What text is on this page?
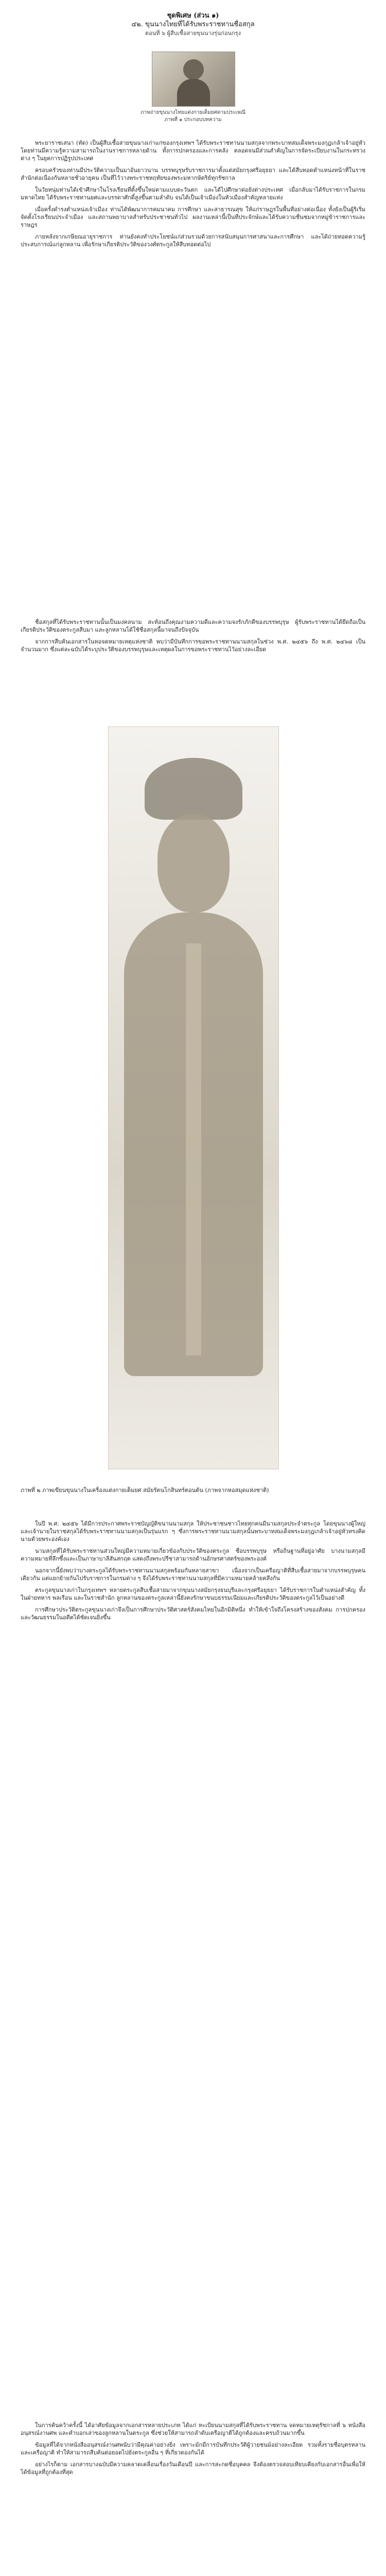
ชุดพิเศษ (ส่วน ๑)
๔๒. ขุนนางไทยที่ได้รับพระราชทานชื่อสกุล
ตอนที่ ๖ ผู้สืบเชื้อสายขุนนางรุ่นก่อนกรุง
ภาพถ่ายขุนนางไทยแต่งกายเต็มยศตามประเพณี
ภาพที่ ๑ ประกอบบทความ

พระยาราชเสนา (ทัด) เป็นผู้สืบเชื้อสายขุนนางเก่าแก่ของกรุงเทพฯ ได้รับพระราชทานนามสกุลจากพระบาทสมเด็จพระมงกุฎเกล้าเจ้าอยู่หัว โดยท่านมีความรู้ความสามารถในงานราชการหลายด้าน ทั้งการปกครองและการคลัง ตลอดจนมีส่วนสำคัญในการจัดระเบียบงานในกระทรวงต่าง ๆ ในยุคการปฏิรูปประเทศ

ครอบครัวของท่านมีประวัติความเป็นมาอันยาวนาน บรรพบุรุษรับราชการมาตั้งแต่สมัยกรุงศรีอยุธยา และได้สืบทอดตำแหน่งหน้าที่ในราชสำนักต่อเนื่องกันหลายชั่วอายุคน เป็นที่ไว้วางพระราชหฤทัยของพระมหากษัตริย์ทุกรัชกาล

ในวัยหนุ่มท่านได้เข้าศึกษาในโรงเรียนที่ตั้งขึ้นใหม่ตามแบบตะวันตก และได้ไปศึกษาต่อยังต่างประเทศ เมื่อกลับมาได้รับราชการในกรมมหาดไทย ได้รับพระราชทานยศและบรรดาศักดิ์สูงขึ้นตามลำดับ จนได้เป็นเจ้าเมืองในหัวเมืองสำคัญหลายแห่ง

เมื่อครั้งดำรงตำแหน่งเจ้าเมือง ท่านได้พัฒนาการคมนาคม การศึกษา และสาธารณสุข ให้แก่ราษฎรในพื้นที่อย่างต่อเนื่อง ทั้งยังเป็นผู้ริเริ่มจัดตั้งโรงเรียนประจำเมือง และสถานพยาบาลสำหรับประชาชนทั่วไป ผลงานเหล่านี้เป็นที่ประจักษ์และได้รับความชื่นชมจากหมู่ข้าราชการและราษฎร

ภายหลังจากเกษียณอายุราชการ ท่านยังคงทำประโยชน์แก่ส่วนรวมด้วยการสนับสนุนการศาสนาและการศึกษา และได้ถ่ายทอดความรู้ประสบการณ์แก่ลูกหลาน เพื่อรักษาเกียรติประวัติของวงศ์ตระกูลให้สืบทอดต่อไป

ชื่อสกุลที่ได้รับพระราชทานนั้นเป็นมงคลนาม สะท้อนถึงคุณงามความดีและความจงรักภักดีของบรรพบุรุษ ผู้รับพระราชทานได้ยึดถือเป็นเกียรติประวัติของตระกูลสืบมา และลูกหลานได้ใช้ชื่อสกุลนี้มาจนถึงปัจจุบัน

จากการสืบค้นเอกสารในหอจดหมายเหตุแห่งชาติ พบว่ามีบันทึกการขอพระราชทานนามสกุลในช่วง พ.ศ. ๒๔๕๖ ถึง พ.ศ. ๒๔๖๘ เป็นจำนวนมาก ซึ่งแต่ละฉบับได้ระบุประวัติของบรรพบุรุษและเหตุผลในการขอพระราชทานไว้อย่างละเอียด

ภาพที่ ๒ ภาพเขียนขุนนางในเครื่องแต่งกายเต็มยศ สมัยรัตนโกสินทร์ตอนต้น (ภาพจากหอสมุดแห่งชาติ)

ในปี พ.ศ. ๒๔๕๖ ได้มีการประกาศพระราชบัญญัติขนานนามสกุล ให้ประชาชนชาวไทยทุกคนมีนามสกุลประจำตระกูล โดยขุนนางผู้ใหญ่และเจ้านายในราชสกุลได้รับพระราชทานนามสกุลเป็นรุ่นแรก ๆ ซึ่งการพระราชทานนามสกุลนั้นพระบาทสมเด็จพระมงกุฎเกล้าเจ้าอยู่หัวทรงคิดนามด้วยพระองค์เอง

นามสกุลที่ได้รับพระราชทานส่วนใหญ่มีความหมายเกี่ยวข้องกับประวัติของตระกูล ชื่อบรรพบุรุษ หรือถิ่นฐานที่อยู่อาศัย บางนามสกุลมีความหมายที่ลึกซึ้งและเป็นภาษาบาลีสันสกฤต แสดงถึงพระปรีชาสามารถด้านอักษรศาสตร์ของพระองค์

นอกจากนี้ยังพบว่าบางตระกูลได้รับพระราชทานนามสกุลพร้อมกันหลายสาขา เนื่องจากเป็นเครือญาติที่สืบเชื้อสายมาจากบรรพบุรุษคนเดียวกัน แต่แยกย้ายกันไปรับราชการในกรมต่าง ๆ จึงได้รับพระราชทานนามสกุลที่มีความหมายคล้ายคลึงกัน

ตระกูลขุนนางเก่าในกรุงเทพฯ หลายตระกูลสืบเชื้อสายมาจากขุนนางสมัยกรุงธนบุรีและกรุงศรีอยุธยา ได้รับราชการในตำแหน่งสำคัญ ทั้งในฝ่ายทหาร พลเรือน และในราชสำนัก ลูกหลานของตระกูลเหล่านี้ยังคงรักษาขนบธรรมเนียมและเกียรติประวัติของตระกูลไว้เป็นอย่างดี

การศึกษาประวัติตระกูลขุนนางเก่าจึงเป็นการศึกษาประวัติศาสตร์สังคมไทยในอีกมิติหนึ่ง ทำให้เข้าใจถึงโครงสร้างของสังคม การปกครอง และวัฒนธรรมในอดีตได้ชัดเจนยิ่งขึ้น

ในการค้นคว้าครั้งนี้ ได้อาศัยข้อมูลจากเอกสารหลายประเภท ได้แก่ ทะเบียนนามสกุลที่ได้รับพระราชทาน จดหมายเหตุรัชกาลที่ ๖ หนังสืออนุสรณ์งานศพ และคำบอกเล่าของลูกหลานในตระกูล ซึ่งช่วยให้สามารถลำดับเครือญาติได้ถูกต้องและครบถ้วนมากขึ้น

ข้อมูลที่ได้จากหนังสืออนุสรณ์งานศพนับว่ามีคุณค่าอย่างยิ่ง เพราะมักมีการบันทึกประวัติผู้วายชนม์อย่างละเอียด รวมทั้งรายชื่อบุตรหลานและเครือญาติ ทำให้สามารถสืบค้นต่อยอดไปยังตระกูลอื่น ๆ ที่เกี่ยวดองกันได้

อย่างไรก็ตาม เอกสารบางฉบับมีความคลาดเคลื่อนเรื่องวันเดือนปี และการสะกดชื่อบุคคล จึงต้องตรวจสอบเทียบเคียงกับเอกสารอื่นเพื่อให้ได้ข้อมูลที่ถูกต้องที่สุด
